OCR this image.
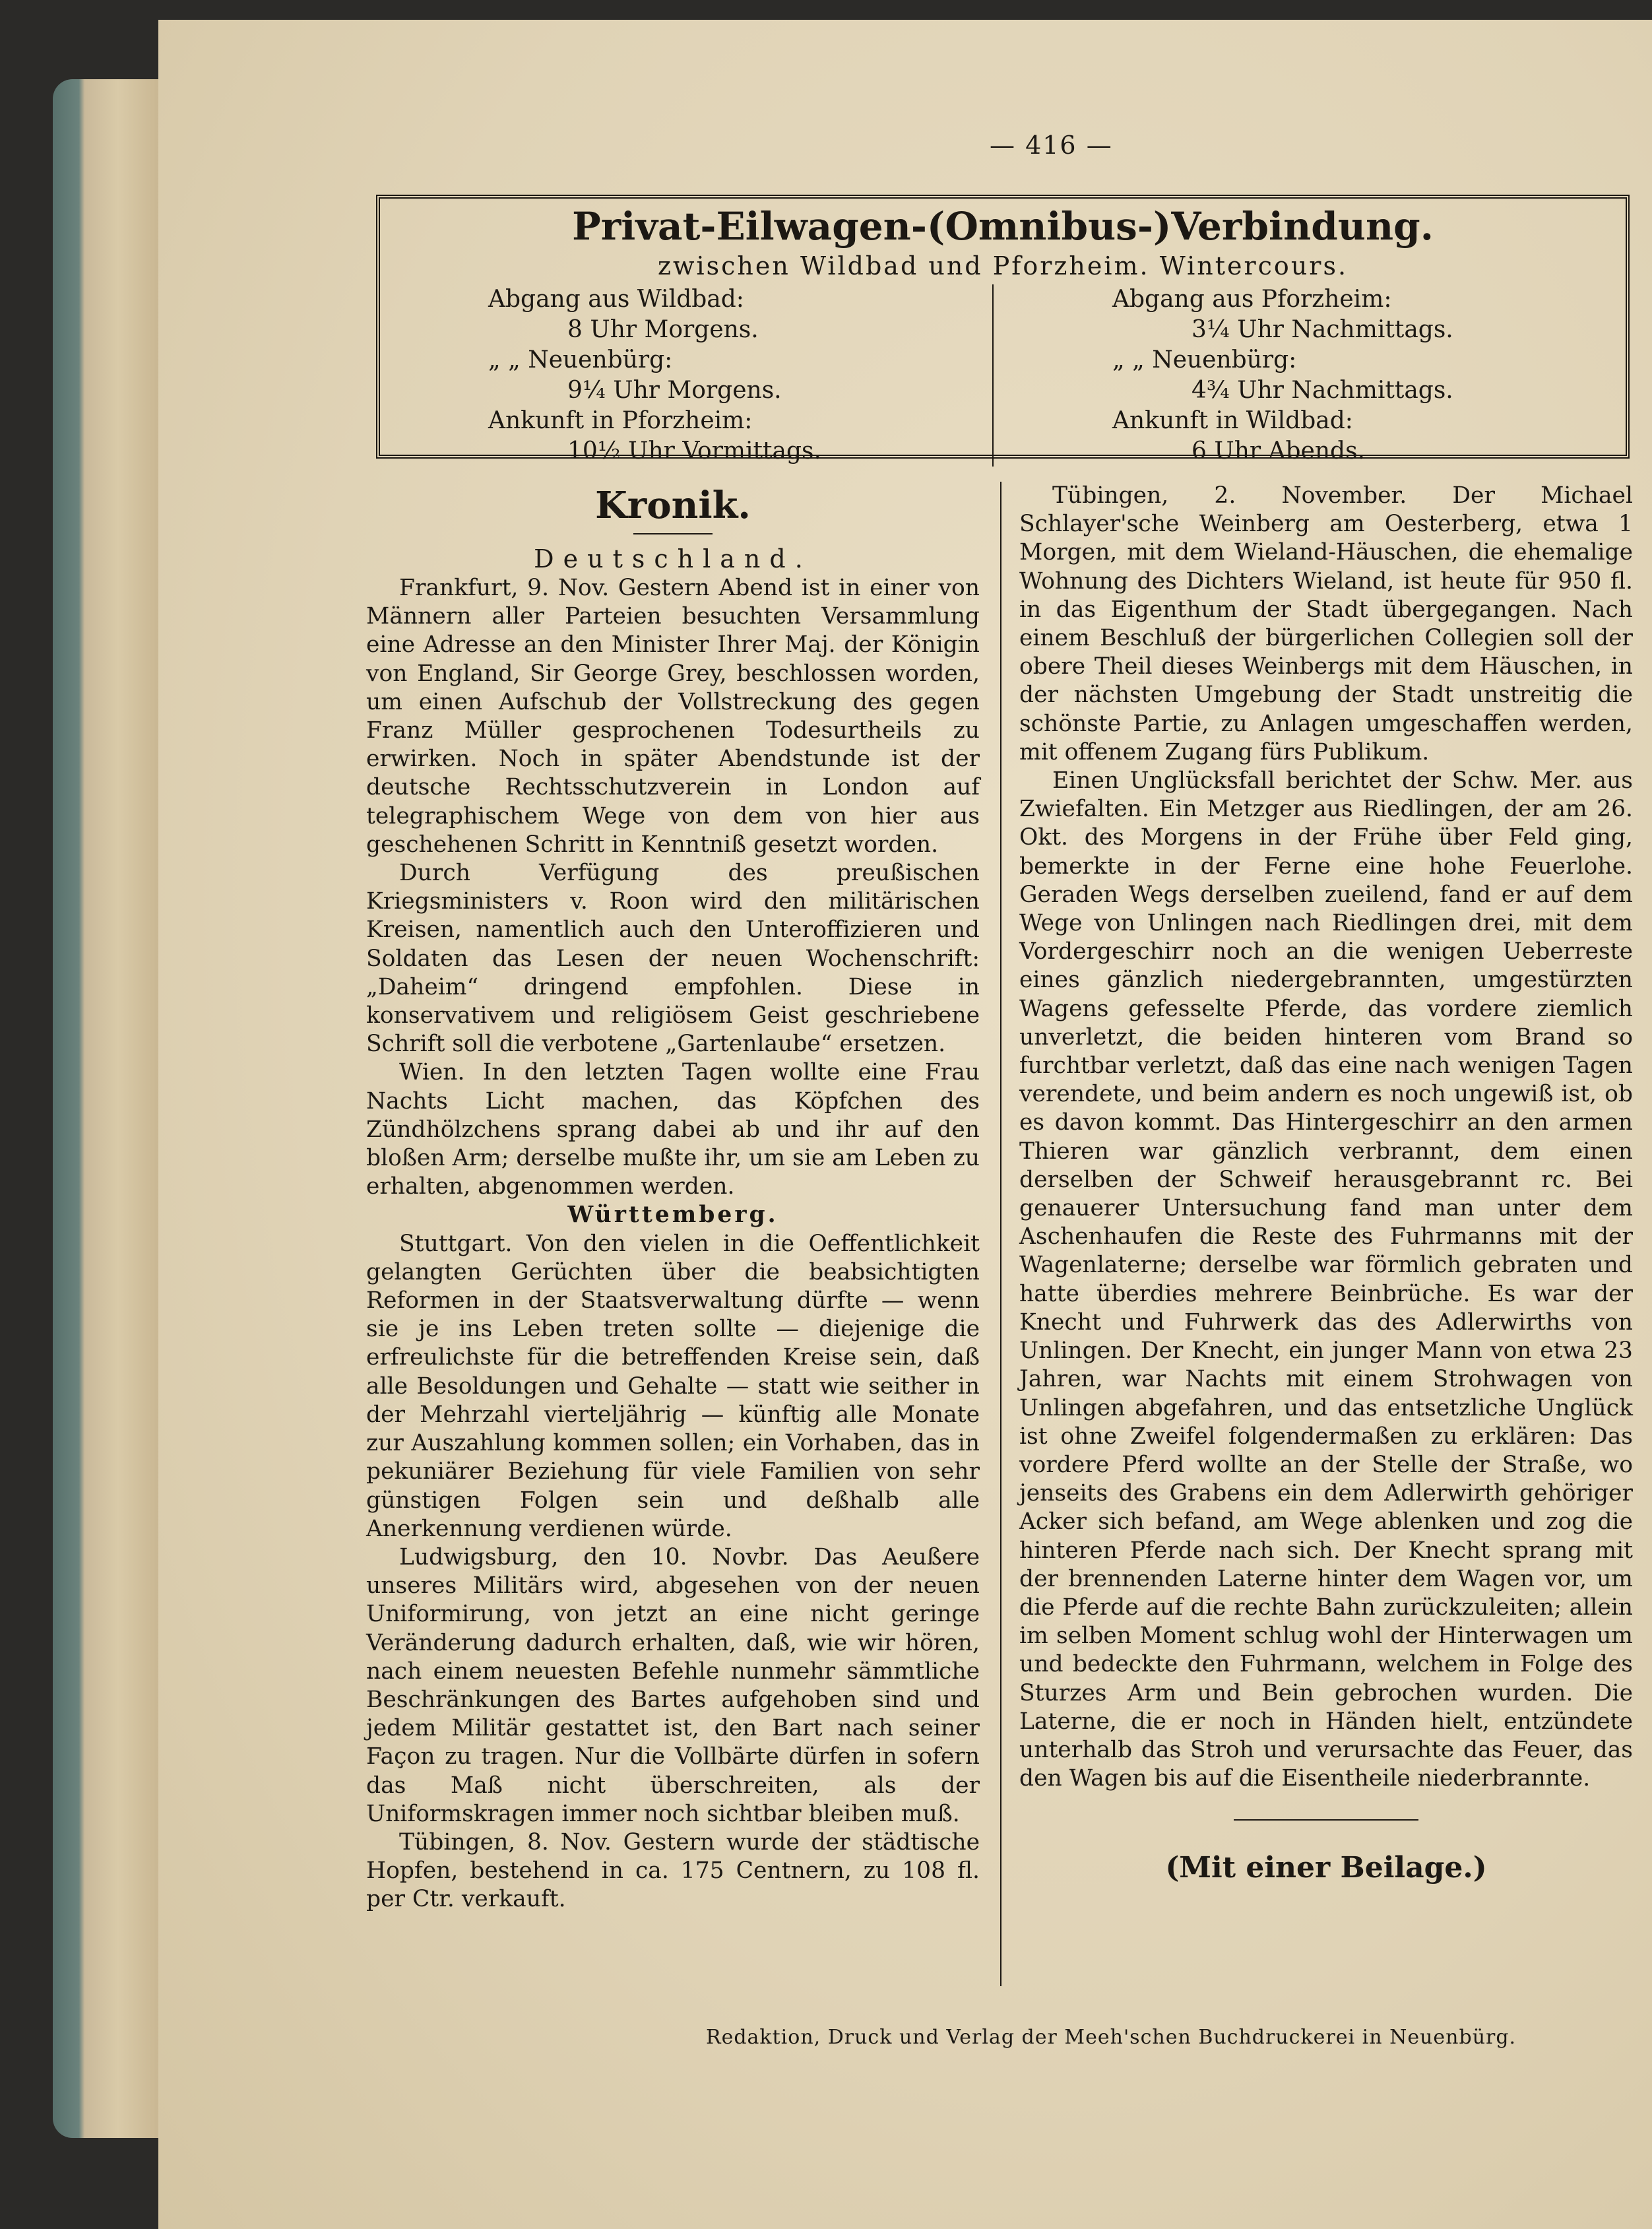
— 416 —
Privat-Eilwagen-(Omnibus-)Verbindung.
zwischen Wildbad und Pforzheim. Wintercours.
Abgang aus Wildbad:
8 Uhr Morgens.
„ „ Neuenbürg:
9¼ Uhr Morgens.
Ankunft in Pforzheim:
10½ Uhr Vormittags.
Abgang aus Pforzheim:
3¼ Uhr Nachmittags.
„ „ Neuenbürg:
4¾ Uhr Nachmittags.
Ankunft in Wildbad:
6 Uhr Abends.
Kronik.
Deutschland.

Frankfurt, 9. Nov. Gestern Abend ist in einer von Männern aller Parteien besuchten Versammlung eine Adresse an den Minister Ihrer Maj. der Königin von England, Sir George Grey, beschlossen worden, um einen Aufschub der Vollstreckung des gegen Franz Müller gesprochenen Todesurtheils zu erwirken. Noch in später Abendstunde ist der deutsche Rechtsschutzverein in London auf telegraphischem Wege von dem von hier aus geschehenen Schritt in Kenntniß gesetzt worden.

Durch Verfügung des preußischen Kriegsministers v. Roon wird den militärischen Kreisen, namentlich auch den Unteroffizieren und Soldaten das Lesen der neuen Wochenschrift: „Daheim“ dringend empfohlen. Diese in konservativem und religiösem Geist geschriebene Schrift soll die verbotene „Gartenlaube“ ersetzen.

Wien. In den letzten Tagen wollte eine Frau Nachts Licht machen, das Köpfchen des Zündhölzchens sprang dabei ab und ihr auf den bloßen Arm; derselbe mußte ihr, um sie am Leben zu erhalten, abgenommen werden.

Württemberg.

Stuttgart. Von den vielen in die Oeffentlichkeit gelangten Gerüchten über die beabsichtigten Reformen in der Staatsverwaltung dürfte — wenn sie je ins Leben treten sollte — diejenige die erfreulichste für die betreffenden Kreise sein, daß alle Besoldungen und Gehalte — statt wie seither in der Mehrzahl vierteljährig — künftig alle Monate zur Auszahlung kommen sollen; ein Vorhaben, das in pekuniärer Beziehung für viele Familien von sehr günstigen Folgen sein und deßhalb alle Anerkennung verdienen würde.

Ludwigsburg, den 10. Novbr. Das Aeußere unseres Militärs wird, abgesehen von der neuen Uniformirung, von jetzt an eine nicht geringe Veränderung dadurch erhalten, daß, wie wir hören, nach einem neuesten Befehle nunmehr sämmtliche Beschränkungen des Bartes aufgehoben sind und jedem Militär gestattet ist, den Bart nach seiner Façon zu tragen. Nur die Vollbärte dürfen in sofern das Maß nicht überschreiten, als der Uniformskragen immer noch sichtbar bleiben muß.

Tübingen, 8. Nov. Gestern wurde der städtische Hopfen, bestehend in ca. 175 Centnern, zu 108 fl. per Ctr. verkauft.

Tübingen, 2. November. Der Michael Schlayer'sche Weinberg am Oesterberg, etwa 1 Morgen, mit dem Wieland-Häuschen, die ehemalige Wohnung des Dichters Wieland, ist heute für 950 fl. in das Eigenthum der Stadt übergegangen. Nach einem Beschluß der bürgerlichen Collegien soll der obere Theil dieses Weinbergs mit dem Häuschen, in der nächsten Umgebung der Stadt unstreitig die schönste Partie, zu Anlagen umgeschaffen werden, mit offenem Zugang fürs Publikum.

Einen Unglücksfall berichtet der Schw. Mer. aus Zwiefalten. Ein Metzger aus Riedlingen, der am 26. Okt. des Morgens in der Frühe über Feld ging, bemerkte in der Ferne eine hohe Feuerlohe. Geraden Wegs derselben zueilend, fand er auf dem Wege von Unlingen nach Riedlingen drei, mit dem Vordergeschirr noch an die wenigen Ueberreste eines gänzlich niedergebrannten, umgestürzten Wagens gefesselte Pferde, das vordere ziemlich unverletzt, die beiden hinteren vom Brand so furchtbar verletzt, daß das eine nach wenigen Tagen verendete, und beim andern es noch ungewiß ist, ob es davon kommt. Das Hintergeschirr an den armen Thieren war gänzlich verbrannt, dem einen derselben der Schweif herausgebrannt rc. Bei genauerer Untersuchung fand man unter dem Aschenhaufen die Reste des Fuhrmanns mit der Wagenlaterne; derselbe war förmlich gebraten und hatte überdies mehrere Beinbrüche. Es war der Knecht und Fuhrwerk das des Adlerwirths von Unlingen. Der Knecht, ein junger Mann von etwa 23 Jahren, war Nachts mit einem Strohwagen von Unlingen abgefahren, und das entsetzliche Unglück ist ohne Zweifel folgendermaßen zu erklären: Das vordere Pferd wollte an der Stelle der Straße, wo jenseits des Grabens ein dem Adlerwirth gehöriger Acker sich befand, am Wege ablenken und zog die hinteren Pferde nach sich. Der Knecht sprang mit der brennenden Laterne hinter dem Wagen vor, um die Pferde auf die rechte Bahn zurückzuleiten; allein im selben Moment schlug wohl der Hinterwagen um und bedeckte den Fuhrmann, welchem in Folge des Sturzes Arm und Bein gebrochen wurden. Die Laterne, die er noch in Händen hielt, entzündete unterhalb das Stroh und verursachte das Feuer, das den Wagen bis auf die Eisentheile niederbrannte.

(Mit einer Beilage.)
Redaktion, Druck und Verlag der Meeh'schen Buchdruckerei in Neuenbürg.
